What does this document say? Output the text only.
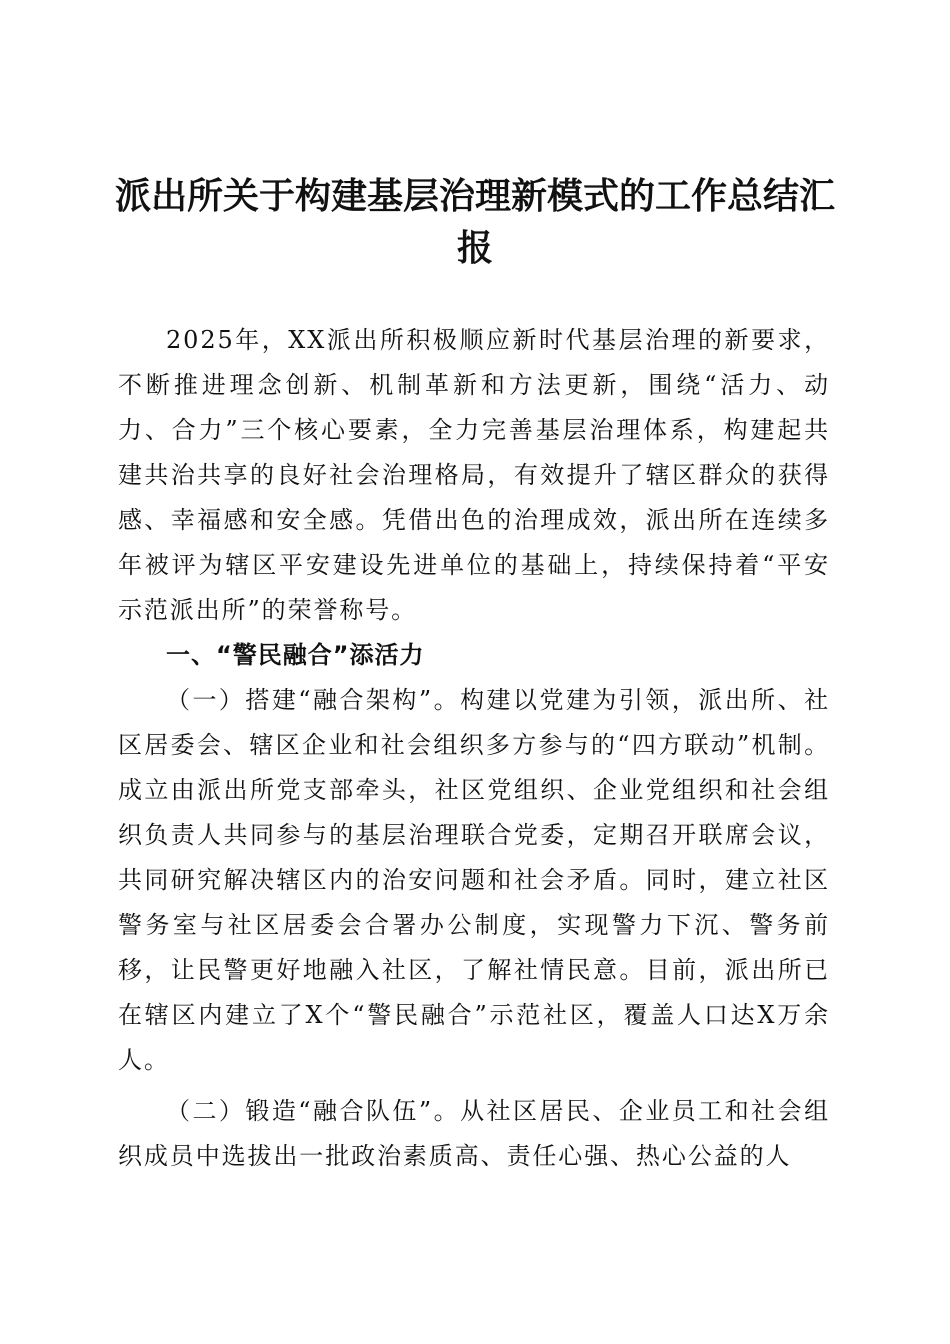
派出所关于构建基层治理新模式的工作总结汇报

2025年，XX派出所积极顺应新时代基层治理的新要求，不断推进理念创新、机制革新和方法更新，围绕“活力、动力、合力”三个核心要素，全力完善基层治理体系，构建起共建共治共享的良好社会治理格局，有效提升了辖区群众的获得感、幸福感和安全感。凭借出色的治理成效，派出所在连续多年被评为辖区平安建设先进单位的基础上，持续保持着“平安示范派出所”的荣誉称号。

一、“警民融合”添活力

（一）搭建“融合架构”。构建以党建为引领，派出所、社区居委会、辖区企业和社会组织多方参与的“四方联动”机制。成立由派出所党支部牵头，社区党组织、企业党组织和社会组织负责人共同参与的基层治理联合党委，定期召开联席会议，共同研究解决辖区内的治安问题和社会矛盾。同时，建立社区警务室与社区居委会合署办公制度，实现警力下沉、警务前移，让民警更好地融入社区，了解社情民意。目前，派出所已在辖区内建立了X个“警民融合”示范社区，覆盖人口达X万余人。

（二）锻造“融合队伍”。从社区居民、企业员工和社会组织成员中选拔出一批政治素质高、责任心强、热心公益的人
